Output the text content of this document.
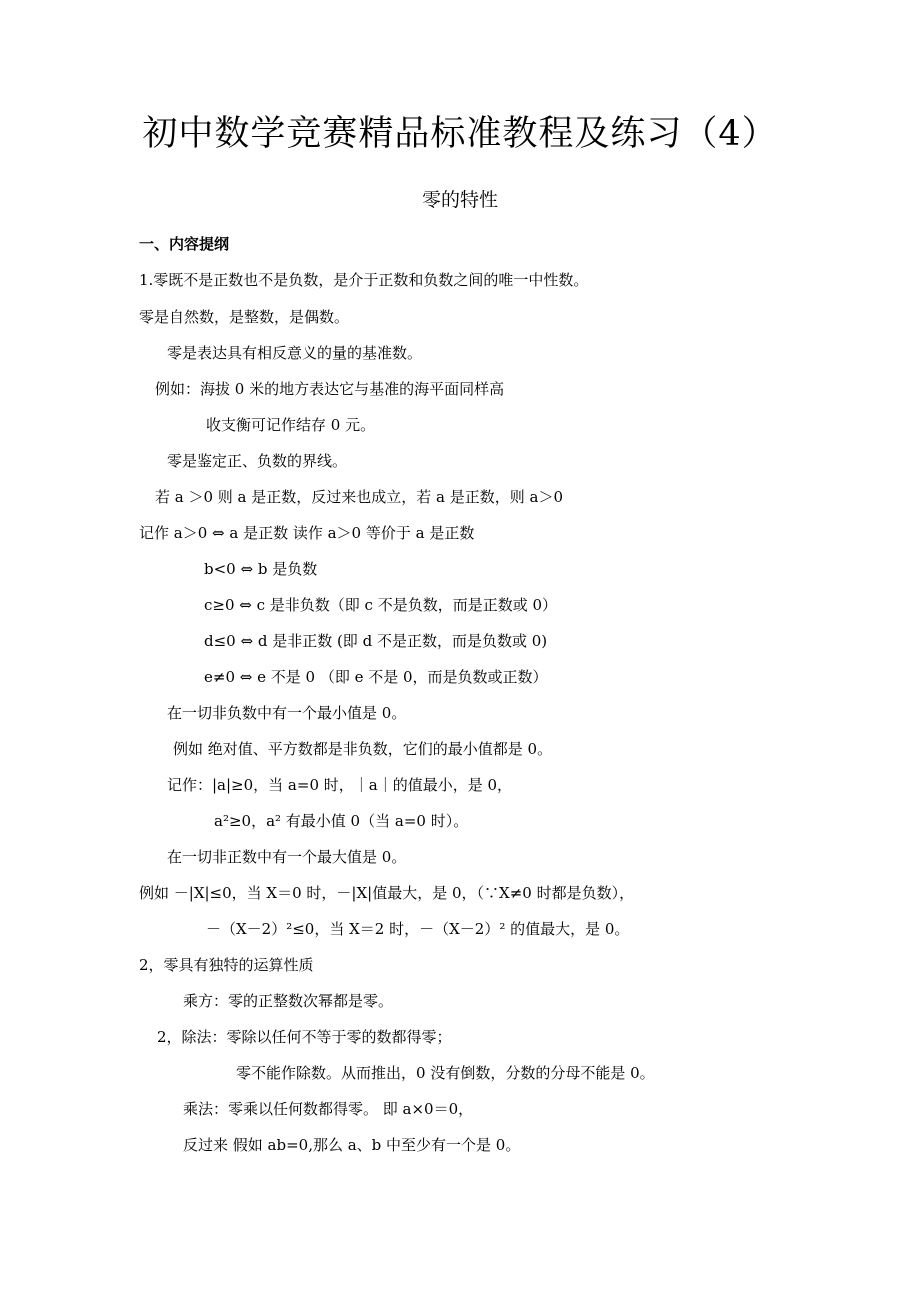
初中数学竞赛精品标准教程及练习（4）
零的特性
一、内容提纲
1.零既不是正数也不是负数，是介于正数和负数之间的唯一中性数。
零是自然数，是整数，是偶数。
零是表达具有相反意义的量的基准数。
例如：海拔 0 米的地方表达它与基准的海平面同样高
收支衡可记作结存 0 元。
零是鉴定正、负数的界线。
若 a ＞0 则 a 是正数，反过来也成立，若 a 是正数，则 a＞0
记作 a＞0 ⇔ a 是正数 读作 a＞0 等价于 a 是正数
b<0 ⇔ b 是负数
c≥0 ⇔ c 是非负数（即 c 不是负数，而是正数或 0）
d≤0 ⇔ d 是非正数 (即 d 不是正数，而是负数或 0)
e≠0 ⇔ e 不是 0 （即 e 不是 0，而是负数或正数）
在一切非负数中有一个最小值是 0。
例如 绝对值、平方数都是非负数，它们的最小值都是 0。
记作：|a|≥0，当 a=0 时，｜a｜的值最小，是 0，
a²≥0，a² 有最小值 0（当 a=0 时）。
在一切非正数中有一个最大值是 0。
例如 －|X|≤0，当 X＝0 时，－|X|值最大，是 0，（∵X≠0 时都是负数），
－（X－2）²≤0，当 X＝2 时，－（X－2）² 的值最大，是 0。
2，零具有独特的运算性质
乘方：零的正整数次幂都是零。
2，除法：零除以任何不等于零的数都得零；
零不能作除数。从而推出，0 没有倒数，分数的分母不能是 0。
乘法：零乘以任何数都得零。 即 a×0＝0，
反过来 假如 ab=0,那么 a、b 中至少有一个是 0。
